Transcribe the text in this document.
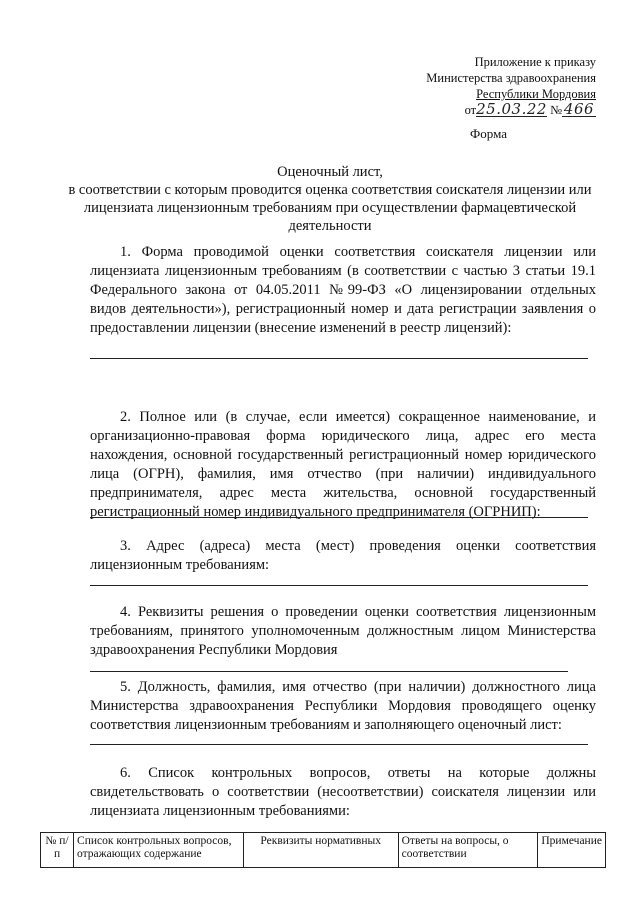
Приложение к приказу
Министерства здравоохранения
Республики Мордовия
от25.03.22 № 466
Форма
Оценочный лист,
в соответствии с которым проводится оценка соответствия соискателя лицензии или лицензиата лицензионным требованиям при осуществлении фармацевтической деятельности

1. Форма проводимой оценки соответствия соискателя лицензии или лицензиата лицензионным требованиям (в соответствии с частью 3 статьи 19.1 Федерального закона от 04.05.2011 №99-ФЗ «О лицензировании отдельных видов деятельности»), регистрационный номер и дата регистрации заявления о предоставлении лицензии (внесение изменений в реестр лицензий):

2. Полное или (в случае, если имеется) сокращенное наименование, и организационно-правовая форма юридического лица, адрес его места нахождения, основной государственный регистрационный номер юридического лица (ОГРН), фамилия, имя отчество (при наличии) индивидуального предпринимателя, адрес места жительства, основной государственный регистрационный номер индивидуального предпринимателя (ОГРНИП):

3. Адрес (адреса) места (мест) проведения оценки соответствия лицензионным требованиям:

4. Реквизиты решения о проведении оценки соответствия лицензионным требованиям, принятого уполномоченным должностным лицом Министерства здравоохранения Республики Мордовия

5. Должность, фамилия, имя отчество (при наличии) должностного лица Министерства здравоохранения Республики Мордовия проводящего оценку соответствия лицензионным требованиям и заполняющего оценочный лист:

6. Список контрольных вопросов, ответы на которые должны свидетельствовать о соответствии (несоответствии) соискателя лицензии или лицензиата лицензионным требованиями:

№ п/п	Список контрольных вопросов, отражающих содержание	Реквизиты нормативных	Ответы на вопросы, о соответствии	Примечание
